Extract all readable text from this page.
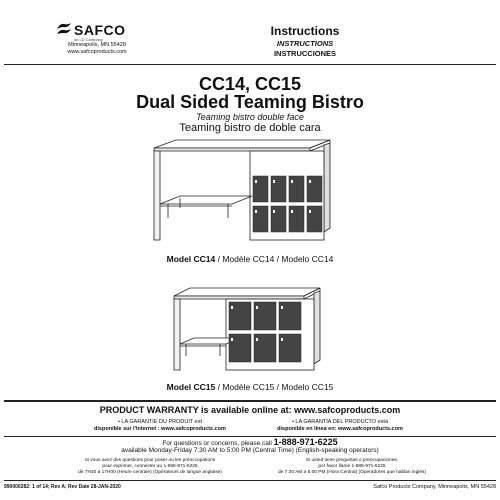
SAFCO
an LD Company
Minneapolis, MN 55428
www.safcoproducts.com
Instructions
INSTRUCTIONS
INSTRUCCIONES
CC14, CC15
Dual Sided Teaming Bistro
Teaming bistro double face
Teaming bistro de doble cara
Model CC14 / Modèle CC14 / Modelo CC14
Model CC15 / Modèle CC15 / Modelo CC15
PRODUCT WARRANTY is available online at: www.safcoproducts.com
• LA GARANTIE DU PRODUIT est
disponible sur l'Internet : www.safcoproducts.com
• LA GARANTÍA DEL PRODUCTO está
disponible en línea en: www.safcoproducts.com
For questions or concerns, please call 1-888-971-6225
available Monday-Friday 7:30 AM to 5:00 PM (Central Time) (English-speaking operators)
Si vous avez des questions pour poser ou les préoccupations
pour exprimer, connecter au 1-888-971-6225
de 7H30 à 17H00 (Heure centrale) (Opérateurs de langue anglaise)
Si usted tiene preguntas o preocupaciones,
por favor llame 1-888-971-6225
de 7:30 AM a 5:00 PM (Hora Central) (Operadores que hablan inglés)
990000282: 1 of 14; Rev A; Rev Date 28-JAN-2020	Safco Products Company, Minneapolis, MN 55428
